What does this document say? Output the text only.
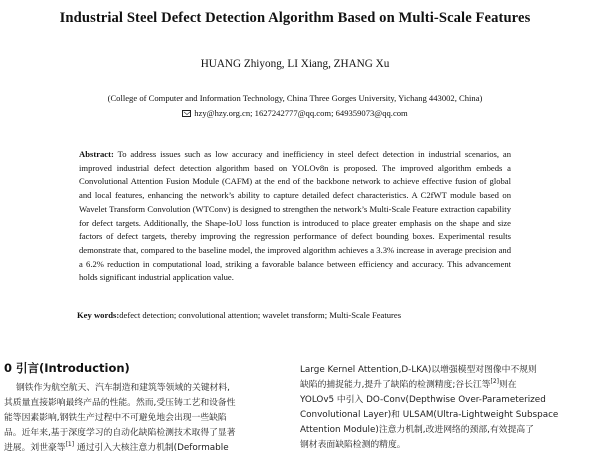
Industrial Steel Defect Detection Algorithm Based on Multi-Scale Features
HUANG Zhiyong, LI Xiang, ZHANG Xu
(College of Computer and Information Technology, China Three Gorges University, Yichang 443002, China)
hzy@hzy.org.cn; 1627242777@qq.com; 649359073@qq.com
Abstract: To address issues such as low accuracy and inefficiency in steel defect detection in industrial scenarios, an improved industrial defect detection algorithm based on YOLOv8n is proposed. The improved algorithm embeds a Convolutional Attention Fusion Module (CAFM) at the end of the backbone network to achieve effective fusion of global and local features, enhancing the network’s ability to capture detailed defect characteristics. A C2fWT module based on Wavelet Transform Convolution (WTConv) is designed to strengthen the network’s Multi-Scale Feature extraction capability for defect targets. Additionally, the Shape-IoU loss function is introduced to place greater emphasis on the shape and size factors of defect targets, thereby improving the regression performance of defect bounding boxes. Experimental results demonstrate that, compared to the baseline model, the improved algorithm achieves a 3.3% increase in average precision and a 6.2% reduction in computational load, striking a favorable balance between efficiency and accuracy. This advancement holds significant industrial application value.
Key words:defect detection; convolutional attention; wavelet transform; Multi-Scale Features
0 引言(Introduction)
钢铁作为航空航天、汽车制造和建筑等领域的关键材料,
其质量直接影响最终产品的性能。然而,受压铸工艺和设备性
能等因素影响,钢铁生产过程中不可避免地会出现一些缺陷
品。近年来,基于深度学习的自动化缺陷检测技术取得了显著
进展。刘世豪等[1] 通过引入大核注意力机制(Deformable
Large Kernel Attention,D-LKA)以增强模型对图像中不规则
缺陷的捕捉能力,提升了缺陷的检测精度;谷长江等[2]则在
YOLOv5 中引入 DO-Conv(Depthwise Over-Parameterized
Convolutional Layer)和 ULSAM(Ultra-Lightweight Subspace
Attention Module)注意力机制,改进网络的颈部,有效提高了
钢材表面缺陷检测的精度。
